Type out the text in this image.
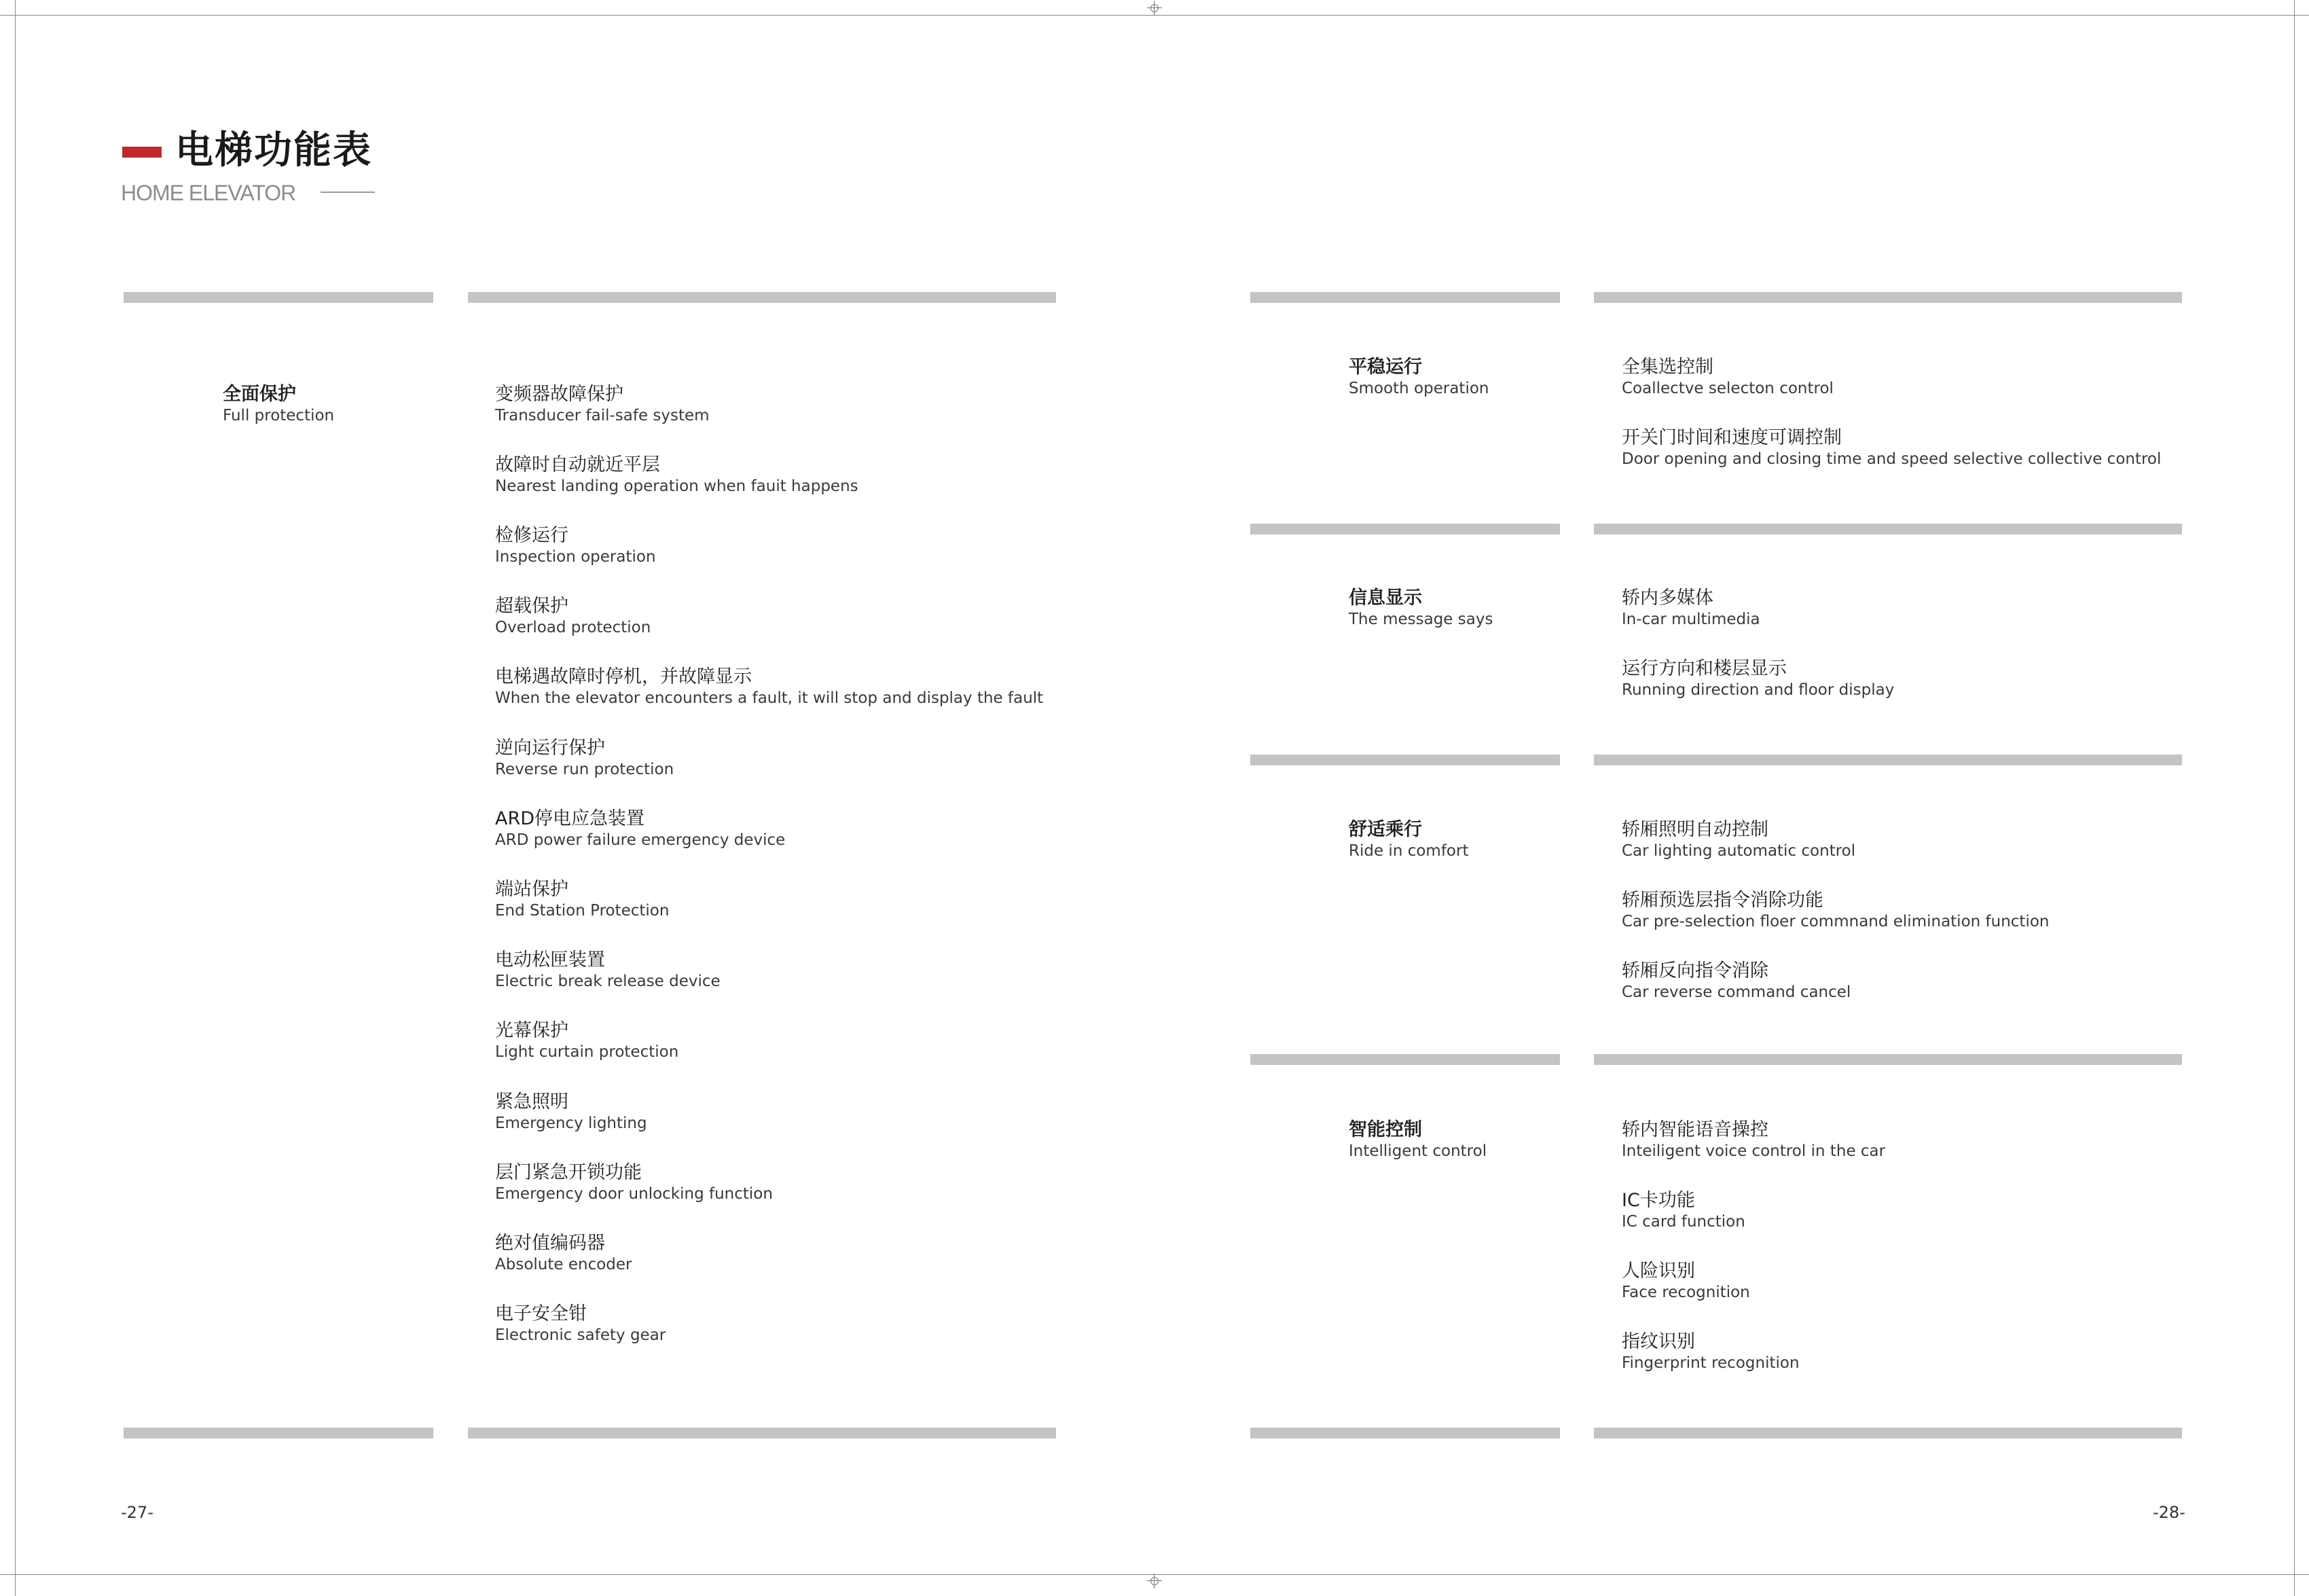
电梯功能表
HOME ELEVATOR
全面保护
Full protection
变频器故障保护
Transducer fail-safe system
故障时自动就近平层
Nearest landing operation when fauit happens
检修运行
Inspection operation
超载保护
Overload protection
电梯遇故障时停机，并故障显示
When the elevator encounters a fault, it will stop and display the fault
逆向运行保护
Reverse run protection
ARD停电应急装置
ARD power failure emergency device
端站保护
End Station Protection
电动松匣装置
Electric break release device
光幕保护
Light curtain protection
紧急照明
Emergency lighting
层门紧急开锁功能
Emergency door unlocking function
绝对值编码器
Absolute encoder
电子安全钳
Electronic safety gear
-27-
平稳运行
Smooth operation
全集选控制
Coallectve selecton control
开关门时间和速度可调控制
Door opening and closing time and speed selective collective control
信息显示
The message says
轿内多媒体
In-car multimedia
运行方向和楼层显示
Running direction and floor display
舒适乘行
Ride in comfort
轿厢照明自动控制
Car lighting automatic control
轿厢预选层指令消除功能
Car pre-selection floer commnand elimination function
轿厢反向指令消除
Car reverse command cancel
智能控制
Intelligent control
轿内智能语音操控
Inteiligent voice control in the car
IC卡功能
IC card function
人险识别
Face recognition
指纹识别
Fingerprint recognition
-28-
